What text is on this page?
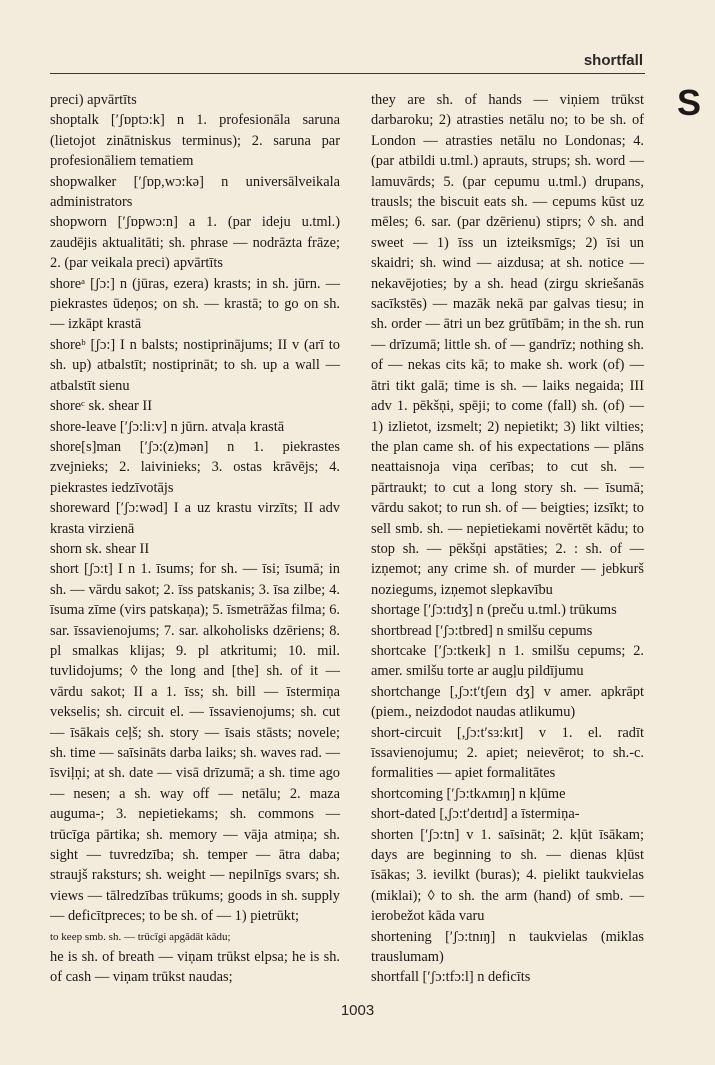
shortfall
S

preci) apvārtīts

shoptalk [ʹʃɒptɔ:k] n 1. profesionāla saruna (lietojot zinātniskus terminus); 2. saruna par profesionāliem tematiem

shopwalker [ʹʃɒp,wɔ:kə] n universālveikala administrators

shopworn [ʹʃɒpwɔ:n] a 1. (par ideju u.tml.) zaudējis aktualitāti; sh. phrase — nodrāzta frāze; 2. (par veikala preci) apvārtīts

shoreᵃ [ʃɔ:] n (jūras, ezera) krasts; in sh. jūrn. — piekrastes ūdeņos; on sh. — krastā; to go on sh. — izkāpt krastā

shoreᵇ [ʃɔ:] I n balsts; nostiprinājums; II v (arī to sh. up) atbalstīt; nostiprināt; to sh. up a wall — atbalstīt sienu

shoreᶜ sk. shear II

shore-leave [ʹʃɔ:li:v] n jūrn. atvaļa krastā

shore[s]man [ʹʃɔ:(z)mən] n 1. piekrastes zvejnieks; 2. laivinieks; 3. ostas krāvējs; 4. piekrastes iedzīvotājs

shoreward [ʹʃɔ:wəd] I a uz krastu virzīts; II adv krasta virzienā

shorn sk. shear II

short [ʃɔ:t] I n 1. īsums; for sh. — īsi; īsumā; in sh. — vārdu sakot; 2. īss patskanis; 3. īsa zilbe; 4. īsuma zīme (virs patskaņa); 5. īsmetrāžas filma; 6. sar. īssavienojums; 7. sar. alkoholisks dzēriens; 8. pl smalkas klijas; 9. pl atkritumi; 10. mil. tuvlidojums; ◊ the long and [the] sh. of it — vārdu sakot; II a 1. īss; sh. bill — īstermiņa vekselis; sh. circuit el. — īssavienojums; sh. cut — īsākais ceļš; sh. story — īsais stāsts; novele; sh. time — saīsināts darba laiks; sh. waves rad. — īsviļņi; at sh. date — visā drīzumā; a sh. time ago — nesen; a sh. way off — netālu; 2. maza auguma-; 3. nepietiekams; sh. commons — trūcīga pārtika; sh. memory — vāja atmiņa; sh. sight — tuvredzība; sh. temper — ātra daba; straujš raksturs; sh. weight — nepilnīgs svars; sh. views — tālredzības trūkums; goods in sh. supply — deficītpreces; to be sh. of — 1) pietrūkt;

to keep smb. sh. — trūcīgi apgādāt kādu;

he is sh. of breath — viņam trūkst elpsa; he is sh. of cash — viņam trūkst naudas;

they are sh. of hands — viņiem trūkst darbaroku; 2) atrasties netālu no; to be sh. of London — atrasties netālu no Londonas; 4. (par atbildi u.tml.) aprauts, strups; sh. word — lamuvārds; 5. (par cepumu u.tml.) drupans, trausls; the biscuit eats sh. — cepums kūst uz mēles; 6. sar. (par dzērienu) stiprs; ◊ sh. and sweet — 1) īss un izteiksmīgs; 2) īsi un skaidri; sh. wind — aizdusa; at sh. notice — nekavējoties; by a sh. head (zirgu skriešanās sacīkstēs) — mazāk nekā par galvas tiesu; in sh. order — ātri un bez grūtībām; in the sh. run — drīzumā; little sh. of — gandrīz; nothing sh. of — nekas cits kā; to make sh. work (of) — ātri tikt galā; time is sh. — laiks negaida; III adv 1. pēkšņi, spēji; to come (fall) sh. (of) — 1) izlietot, izsmelt; 2) nepietikt; 3) likt vilties; the plan came sh. of his expectations — plāns neattaisnoja viņa cerības; to cut sh. — pārtraukt; to cut a long story sh. — īsumā; vārdu sakot; to run sh. of — beigties; izsīkt; to sell smb. sh. — nepietiekami novērtēt kādu; to stop sh. — pēkšņi apstāties; 2. : sh. of — izņemot; any crime sh. of murder — jebkurš noziegums, izņemot slepkavību

shortage [ʹʃɔ:tɪdʒ] n (preču u.tml.) trūkums

shortbread [ʹʃɔ:tbred] n smilšu cepums

shortcake [ʹʃɔ:tkeɪk] n 1. smilšu cepums; 2. amer. smilšu torte ar augļu pildījumu

shortchange [,ʃɔ:tʹtʃeɪn dʒ] v amer. apkrāpt (piem., neizdodot naudas atlikumu)

short-circuit [,ʃɔ:tʹsɜ:kɪt] v 1. el. radīt īssavienojumu; 2. apiet; neievērot; to sh.-c. formalities — apiet formalitātes

shortcoming [ʹʃɔ:tkʌmɪŋ] n kļūme

short-dated [,ʃɔ:tʹdeɪtɪd] a īstermiņa-

shorten [ʹʃɔ:tn] v 1. saīsināt; 2. kļūt īsākam; days are beginning to sh. — dienas kļūst īsākas; 3. ievilkt (buras); 4. pielikt taukvielas (miklai); ◊ to sh. the arm (hand) of smb. — ierobežot kāda varu

shortening [ʹʃɔ:tnɪŋ] n taukvielas (miklas trauslumam)

shortfall [ʹʃɔ:tfɔ:l] n deficīts

1003
